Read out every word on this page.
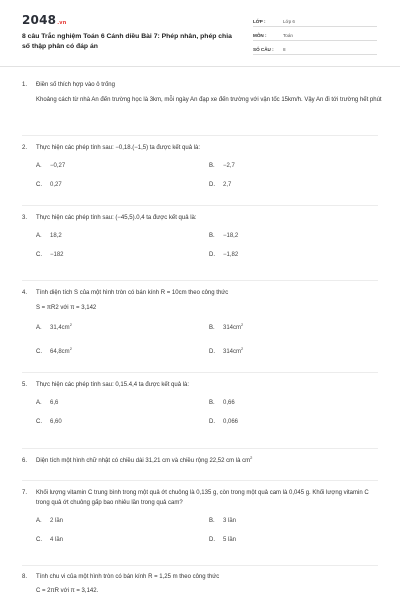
2048.vn
8 câu Trắc nghiệm Toán 6 Cánh diều Bài 7: Phép nhân, phép chia số thập phân có đáp án
LỚP :	Lớp 6
MÔN :	Toán
SỐ CÂU :	8
1.	Điền số thích hợp vào ô trống
Khoảng cách từ nhà An đến trường học là 3km, mỗi ngày An đạp xe đến trường với vận tốc 15km/h. Vậy An đi tới trường hết phút
2.	Thực hiện các phép tính sau: −0,18.(−1,5) ta được kết quả là:
A.	−0,27	B.	−2,7
C.	0,27	D.	2,7
3.	Thực hiện các phép tính sau: (−45,5).0,4 ta được kết quả là:
A.	18,2	B.	−18,2
C.	−182	D.	−1,82
4.	Tính diện tích S của một hình tròn có bán kính R = 10cm theo công thức
S = πR2 với π = 3,142
A.	$31,4cm^2$
B.	$314cm^2$
C.	$64,8cm^2$
D.	$314cm^2$
5.	Thực hiện các phép tính sau: 0,15.4,4 ta được kết quả là:
A.	6,6	B.	0,66
C.	6,60	D.	0,066
6.	Diện tích một hình chữ nhật có chiều dài 31,21 cm và chiều rộng 22,52 cm là $cm^2$
7.	Khối lượng vitamin C trung bình trong một quả ớt chuông là 0,135 g, còn trong một quả cam là 0,045 g. Khối lượng vitamin C trong quả ớt chuông gấp bao nhiêu lần trong quả cam?
A.	2 lần	B.	3 lần
C.	4 lần	D.	5 lần
8.	Tính chu vi của một hình tròn có bán kính R = 1,25 m theo công thức
C = 2πR với π = 3,142.
